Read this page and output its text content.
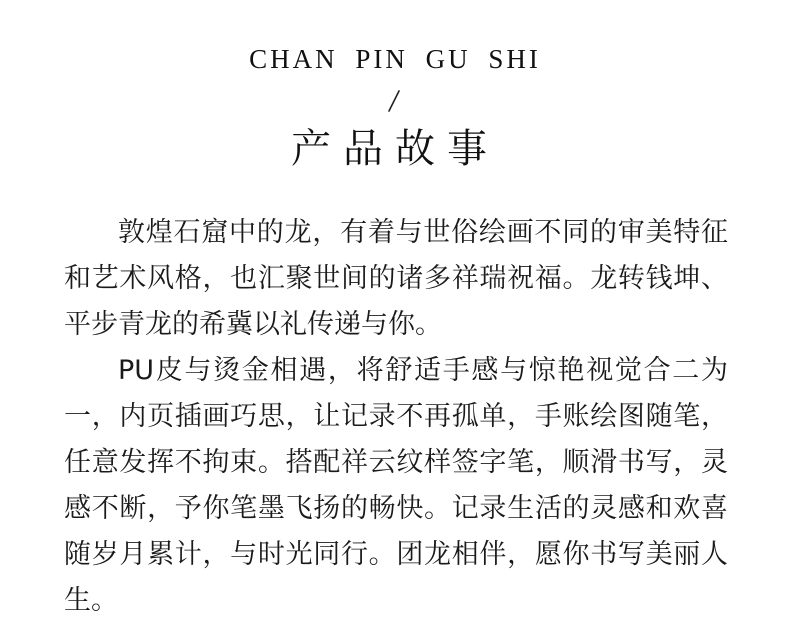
CHAN PIN GU SHI
产品故事

敦煌石窟中的龙，有着与世俗绘画不同的审美特征和艺术风格，也汇聚世间的诸多祥瑞祝福。龙转钱坤、平步青龙的希冀以礼传递与你。

PU皮与烫金相遇，将舒适手感与惊艳视觉合二为一，内页插画巧思，让记录不再孤单，手账绘图随笔，任意发挥不拘束。搭配祥云纹样签字笔，顺滑书写，灵感不断，予你笔墨飞扬的畅快。记录生活的灵感和欢喜随岁月累计，与时光同行。团龙相伴，愿你书写美丽人生。
